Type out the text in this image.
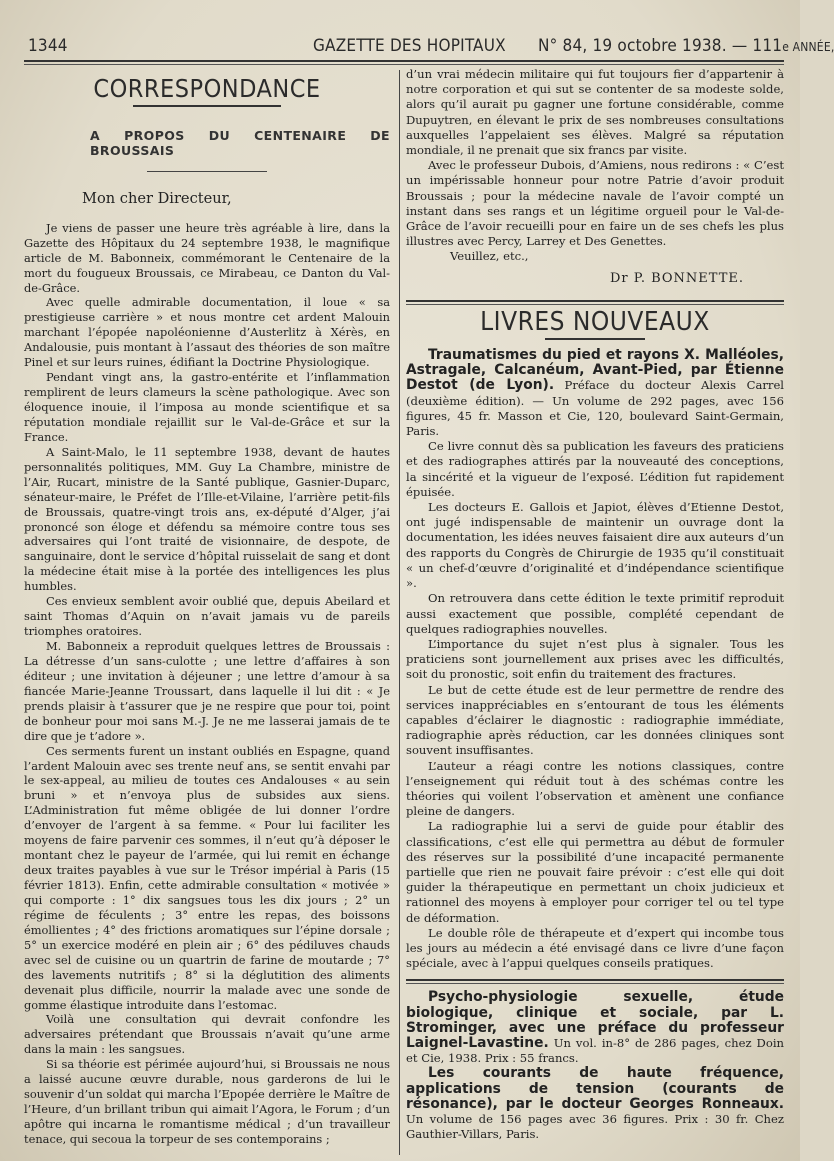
1344	GAZETTE DES HOPITAUX N° 84, 19 octobre 1938. — 111e ANNÉE,
CORRESPONDANCE
A PROPOS DU CENTENAIRE DE BROUSSAIS
Mon cher Directeur,

Je viens de passer une heure très agréable à lire, dans la Gazette des Hôpitaux du 24 septembre 1938, le magnifique article de M. Babonneix, commémorant le Centenaire de la mort du fougueux Broussais, ce Mirabeau, ce Danton du Val-de-Grâce.

Avec quelle admirable documentation, il loue « sa prestigieuse carrière » et nous montre cet ardent Malouin marchant l’épopée napoléonienne d’Austerlitz à Xérès, en Andalousie, puis montant à l’assaut des théories de son maître Pinel et sur leurs ruines, édifiant la Doctrine Physiologique.

Pendant vingt ans, la gastro-entérite et l’inflammation remplirent de leurs clameurs la scène pathologique. Avec son éloquence inouie, il l’imposa au monde scientifique et sa réputation mondiale rejaillit sur le Val-de-Grâce et sur la France.

A Saint-Malo, le 11 septembre 1938, devant de hautes personnalités politiques, MM. Guy La Chambre, ministre de l’Air, Rucart, ministre de la Santé publique, Gasnier-Duparc, sénateur-maire, le Préfet de l’Ille-et-Vilaine, l’arrière petit-fils de Broussais, quatre-vingt trois ans, ex-député d’Alger, j’ai prononcé son éloge et défendu sa mémoire contre tous ses adversaires qui l’ont traité de visionnaire, de despote, de sanguinaire, dont le service d’hôpital ruisselait de sang et dont la médecine était mise à la portée des intelligences les plus humbles.

Ces envieux semblent avoir oublié que, depuis Abeilard et saint Thomas d’Aquin on n’avait jamais vu de pareils triomphes oratoires.

M. Babonneix a reproduit quelques lettres de Broussais : La détresse d’un sans-culotte ; une lettre d’affaires à son éditeur ; une invitation à déjeuner ; une lettre d’amour à sa fiancée Marie-Jeanne Troussart, dans laquelle il lui dit : « Je prends plaisir à t’assurer que je ne respire que pour toi, point de bonheur pour moi sans M.-J. Je ne me lasserai jamais de te dire que je t’adore ».

Ces serments furent un instant oubliés en Espagne, quand l’ardent Malouin avec ses trente neuf ans, se sentit envahi par le sex-appeal, au milieu de toutes ces Andalouses « au sein bruni » et n’envoya plus de subsides aux siens. L’Administration fut même obligée de lui donner l’ordre d’envoyer de l’argent à sa femme. « Pour lui faciliter les moyens de faire parvenir ces sommes, il n’eut qu’à déposer le montant chez le payeur de l’armée, qui lui remit en échange deux traites payables à vue sur le Trésor impérial à Paris (15 février 1813). Enfin, cette admirable consultation « motivée » qui comporte : 1° dix sangsues tous les dix jours ; 2° un régime de féculents ; 3° entre les repas, des boissons émollientes ; 4° des frictions aromatiques sur l’épine dorsale ; 5° un exercice modéré en plein air ; 6° des pédiluves chauds avec sel de cuisine ou un quartrin de farine de moutarde ; 7° des lavements nutritifs ; 8° si la déglutition des aliments devenait plus difficile, nourrir la malade avec une sonde de gomme élastique introduite dans l’estomac.

Voilà une consultation qui devrait confondre les adversaires prétendant que Broussais n’avait qu’une arme dans la main : les sangsues.

Si sa théorie est périmée aujourd’hui, si Broussais ne nous a laissé aucune œuvre durable, nous garderons de lui le souvenir d’un soldat qui marcha l’Epopée derrière le Maître de l’Heure, d’un brillant tribun qui aimait l’Agora, le Forum ; d’un apôtre qui incarna le romantisme médical ; d’un travailleur tenace, qui secoua la torpeur de ses contemporains ;

d’un vrai médecin militaire qui fut toujours fier d’appartenir à notre corporation et qui sut se contenter de sa modeste solde, alors qu’il aurait pu gagner une fortune considérable, comme Dupuytren, en élevant le prix de ses nombreuses consultations auxquelles l’appelaient ses élèves. Malgré sa réputation mondiale, il ne prenait que six francs par visite.

Avec le professeur Dubois, d’Amiens, nous redirons : « C’est un impérissable honneur pour notre Patrie d’avoir produit Broussais ; pour la médecine navale de l’avoir compté un instant dans ses rangs et un légitime orgueil pour le Val-de-Grâce de l’avoir recueilli pour en faire un de ses chefs les plus illustres avec Percy, Larrey et Des Genettes.

Veuillez, etc.,

Dr P. BONNETTE.
LIVRES NOUVEAUX

Traumatismes du pied et rayons X. Malléoles, Astragale, Calcanéum, Avant-Pied, par Étienne Destot (de Lyon). Préface du docteur Alexis Carrel (deuxième édition). — Un volume de 292 pages, avec 156 figures, 45 fr. Masson et Cie, 120, boulevard Saint-Germain, Paris.

Ce livre connut dès sa publication les faveurs des praticiens et des radiographes attirés par la nouveauté des conceptions, la sincérité et la vigueur de l’exposé. L’édition fut rapidement épuisée.

Les docteurs E. Gallois et Japiot, élèves d’Etienne Destot, ont jugé indispensable de maintenir un ouvrage dont la documentation, les idées neuves faisaient dire aux auteurs d’un des rapports du Congrès de Chirurgie de 1935 qu’il constituait « un chef-d’œuvre d’originalité et d’indépendance scientifique ».

On retrouvera dans cette édition le texte primitif reproduit aussi exactement que possible, complété cependant de quelques radiographies nouvelles.

L’importance du sujet n’est plus à signaler. Tous les praticiens sont journellement aux prises avec les difficultés, soit du pronostic, soit enfin du traitement des fractures.

Le but de cette étude est de leur permettre de rendre des services inappréciables en s’entourant de tous les éléments capables d’éclairer le diagnostic : radiographie immédiate, radiographie après réduction, car les données cliniques sont souvent insuffisantes.

L’auteur a réagi contre les notions classiques, contre l’enseignement qui réduit tout à des schémas contre les théories qui voilent l’observation et amènent une confiance pleine de dangers.

La radiographie lui a servi de guide pour établir des classifications, c’est elle qui permettra au début de formuler des réserves sur la possibilité d’une incapacité permanente partielle que rien ne pouvait faire prévoir : c’est elle qui doit guider la thérapeutique en permettant un choix judicieux et rationnel des moyens à employer pour corriger tel ou tel type de déformation.

Le double rôle de thérapeute et d’expert qui incombe tous les jours au médecin a été envisagé dans ce livre d’une façon spéciale, avec à l’appui quelques conseils pratiques.

Psycho-physiologie sexuelle, étude biologique, clinique et sociale, par L. Strominger, avec une préface du professeur Laignel-Lavastine. Un vol. in-8° de 286 pages, chez Doin et Cie, 1938. Prix : 55 francs.

Les courants de haute fréquence, applications de tension (courants de résonance), par le docteur Georges Ronneaux. Un volume de 156 pages avec 36 figures. Prix : 30 fr. Chez Gauthier-Villars, Paris.
